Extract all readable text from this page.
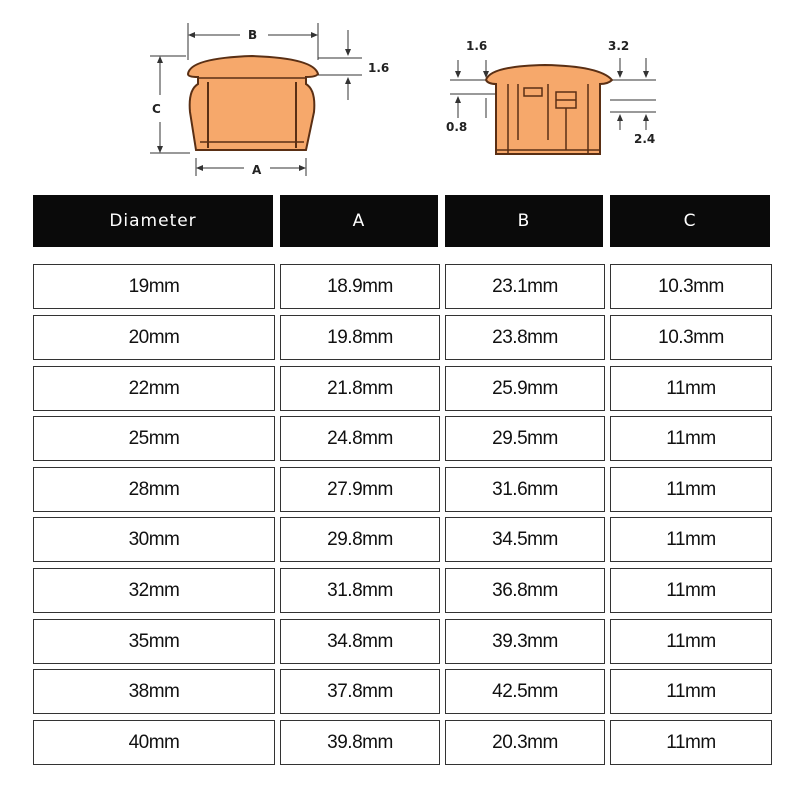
B
C
A
1.6
1.6	3.2
0.8
2.4
Diameter	A	B	C
19mm	18.9mm	23.1mm	10.3mm
20mm	19.8mm	23.8mm	10.3mm
22mm	21.8mm	25.9mm	11mm
25mm	24.8mm	29.5mm	11mm
28mm	27.9mm	31.6mm	11mm
30mm	29.8mm	34.5mm	11mm
32mm	31.8mm	36.8mm	11mm
35mm	34.8mm	39.3mm	11mm
38mm	37.8mm	42.5mm	11mm
40mm	39.8mm	20.3mm	11mm
